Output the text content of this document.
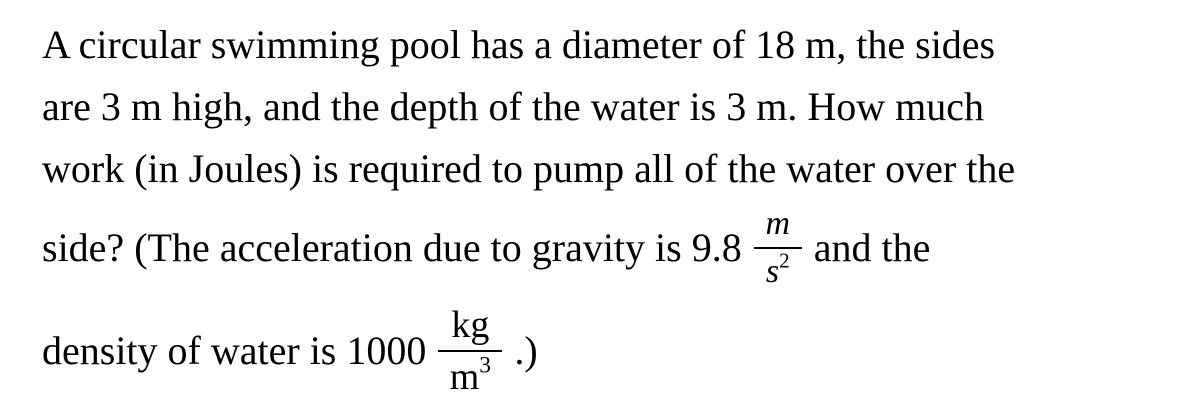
A circular swimming pool has a diameter of 18 m, the sides
are 3 m high, and the depth of the water is 3 m. How much
work (in Joules) is required to pump all of the water over the
side? (The acceleration due to gravity is $9.8 \frac{m}{s^2}$ and the
density of water is $1000 \frac{kg}{m^3}$ .)
